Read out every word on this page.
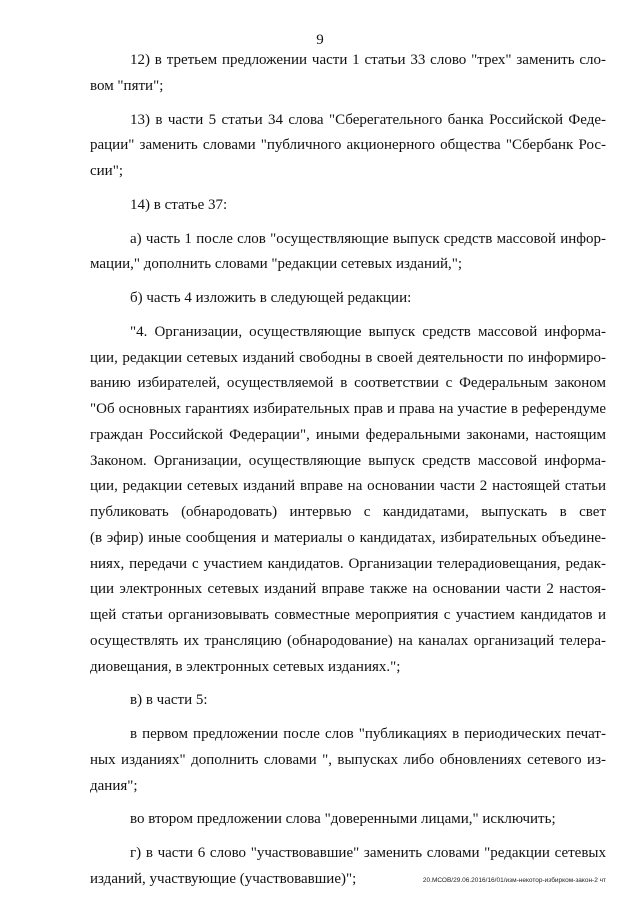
9
12) в третьем предложении части 1 статьи 33 слово "трех" заменить сло-
вом "пяти";
13) в части 5 статьи 34 слова "Сберегательного банка Российской Феде-
рации" заменить словами "публичного акционерного общества "Сбербанк Рос-
сии";
14) в статье 37:
а) часть 1 после слов "осуществляющие выпуск средств массовой инфор-
мации," дополнить словами "редакции сетевых изданий,";
б) часть 4 изложить в следующей редакции:
"4. Организации, осуществляющие выпуск средств массовой информа-
ции, редакции сетевых изданий свободны в своей деятельности по информиро-
ванию избирателей, осуществляемой в соответствии с Федеральным законом
"Об основных гарантиях избирательных прав и права на участие в референдуме
граждан Российской Федерации", иными федеральными законами, настоящим
Законом. Организации, осуществляющие выпуск средств массовой информа-
ции, редакции сетевых изданий вправе на основании части 2 настоящей статьи
публиковать (обнародовать) интервью с кандидатами, выпускать в свет
(в эфир) иные сообщения и материалы о кандидатах, избирательных объедине-
ниях, передачи с участием кандидатов. Организации телерадиовещания, редак-
ции электронных сетевых изданий вправе также на основании части 2 настоя-
щей статьи организовывать совместные мероприятия с участием кандидатов и
осуществлять их трансляцию (обнародование) на каналах организаций телера-
диовещания, в электронных сетевых изданиях.";
в) в части 5:
в первом предложении после слов "публикациях в периодических печат-
ных изданиях" дополнить словами ", выпусках либо обновлениях сетевого из-
дания";
во втором предложении слова "доверенными лицами," исключить;
г) в части 6 слово "участвовавшие" заменить словами "редакции сетевых
изданий, участвующие (участвовавшие)";	20.МСОВ/29.06.2016/16/01/изм-некотор-избирком-закон-2 чт
